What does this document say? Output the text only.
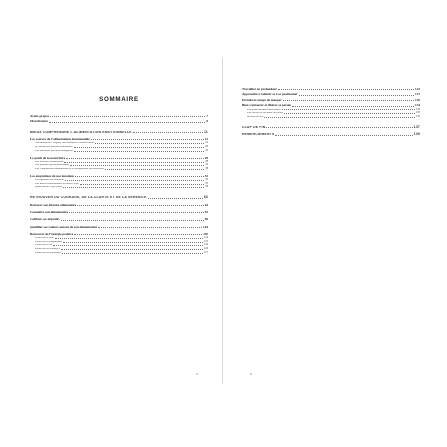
SOMMAIRE
Avant-propos	7
Mon histoire	8
MIEUX COMPRENDRE L’ALIMENTATION ÉMOTIONNELLE	11
Les sources de l’alimentation émotionnelle	12
Nos émotions : origine, mécanismes et classification	12
À chacun son identité alimentaire	20
Ces émotions qui nous mangeront	23
Le poids de la nourriture	28
Les troubles alimentaires	28
Les pensées qui empoisonnent	35
Les compulsions alimentaires et le dérèglement des émotions	38
Les empreintes de nos émotions	52
La digestion des émotions	52
Les indices émotionnels de notre corps	55
Quand notre corps parle	58
RETROUVER DU COURAGE, DE LA CLARTÉ ET DE LA SÉRÉNITÉ	63
Retracer son histoire alimentaire	64
Connaître son alimentation	92
Calibrer ses objectifs	98
Qualifier ses valeurs autour de son alimentation	104
Retrouver de l’énergie positive	110
Zoom sur le zinc	114
Zoom sur le magnésium	115
Zoom sur le fer	116
Zoom sur les oméga-3	116
Zoom sur les protéines	117
5
Travailler en profondeur	122
Apprendre à ralentir et à se positionner	127
Prendre le temps de manger	130
Bien s’entourer et libérer sa parole	134
Les professionnels spécialisés	134
Les cercles et les lieux de parole	135
Investir en soi	135
CLAP DE FIN	137
REMERCIEMENTS	139
6
